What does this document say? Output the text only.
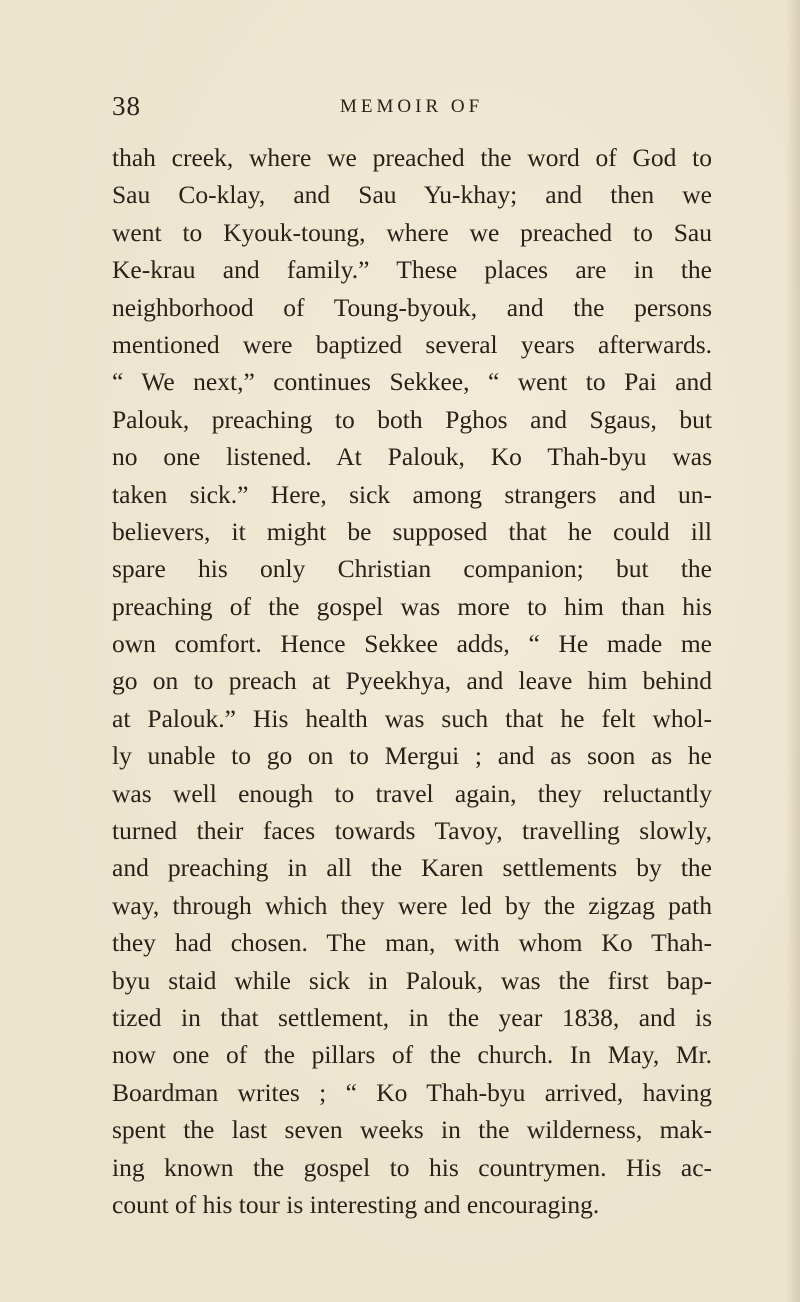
38	MEMOIR OF
thah creek, where we preached the word of God to
Sau Co-klay, and Sau Yu-khay; and then we
went to Kyouk-toung, where we preached to Sau
Ke-krau and family.” These places are in the
neighborhood of Toung-byouk, and the persons
mentioned were baptized several years afterwards.
“ We next,” continues Sekkee, “ went to Pai and
Palouk, preaching to both Pghos and Sgaus, but
no one listened. At Palouk, Ko Thah-byu was
taken sick.” Here, sick among strangers and un-
believers, it might be supposed that he could ill
spare his only Christian companion; but the
preaching of the gospel was more to him than his
own comfort. Hence Sekkee adds, “ He made me
go on to preach at Pyeekhya, and leave him behind
at Palouk.” His health was such that he felt whol-
ly unable to go on to Mergui ; and as soon as he
was well enough to travel again, they reluctantly
turned their faces towards Tavoy, travelling slowly,
and preaching in all the Karen settlements by the
way, through which they were led by the zigzag path
they had chosen. The man, with whom Ko Thah-
byu staid while sick in Palouk, was the first bap-
tized in that settlement, in the year 1838, and is
now one of the pillars of the church. In May, Mr.
Boardman writes ; “ Ko Thah-byu arrived, having
spent the last seven weeks in the wilderness, mak-
ing known the gospel to his countrymen. His ac-
count of his tour is interesting and encouraging.
